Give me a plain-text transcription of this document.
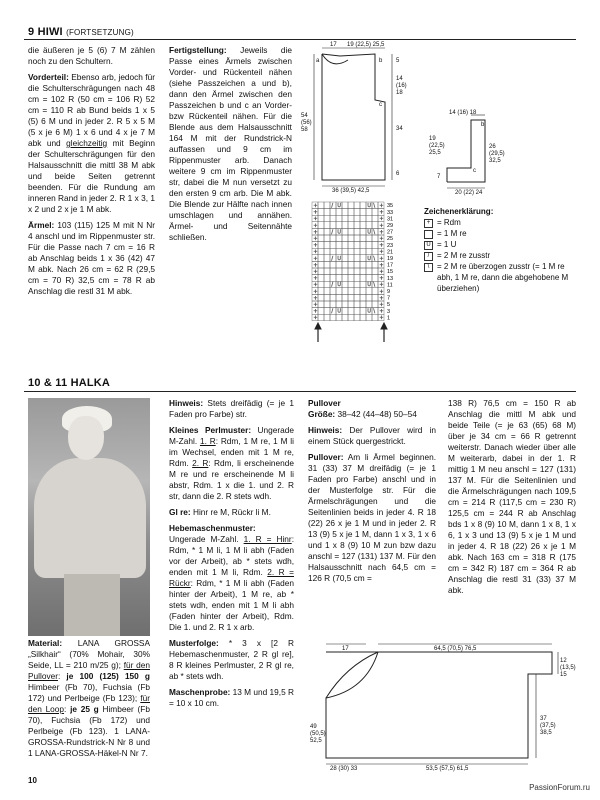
9 HIWI (FORTSETZUNG)

die äußeren je 5 (6) 7 M zählen noch zu den Schultern.

Vorderteil: Ebenso arb, jedoch für die Schulterschrägungen nach 48 cm = 102 R (50 cm = 106 R) 52 cm = 110 R ab Bund beids 1 x 5 (5) 6 M und in jeder 2. R 5 x 5 M (5 x je 6 M) 1 x 6 und 4 x je 7 M abk und gleichzeitig mit Beginn der Schulterschrägungen für den Halsausschnitt die mittl 38 M abk und beide Seiten getrennt beenden. Für die Rundung am inneren Rand in jeder 2. R 1 x 3, 1 x 2 und 2 x je 1 M abk.

Ärmel: 103 (115) 125 M mit N Nr 4 anschl und im Rippenmuster str. Für die Passe nach 7 cm = 16 R ab Anschlag beids 1 x 36 (42) 47 M abk. Nach 26 cm = 62 R (29,5 cm = 70 R) 32,5 cm = 78 R ab Anschlag die restl 31 M abk.

Fertigstellung: Jeweils die Passe eines Ärmels zwischen Vorder- und Rückenteil nähen (siehe Passzeichen a und b), dann den Ärmel zwischen den Passzeichen b und c an Vorder- bzw Rückenteil nähen. Für die Blende aus dem Halsausschnitt 164 M mit der Rundstrick-N auffassen und 9 cm im Rippenmuster arb. Danach weitere 9 cm im Rippenmuster str, dabei die M nun versetzt zu den ersten 9 cm arb. Die M abk. Die Blende zur Hälfte nach innen umschlagen und annähen. Ärmel- und Seitennähte schließen.

17 19 (22,5) 25,5
5
14 (16) 18
34
6
54 (56) 58
36 (39,5) 42,5
a	b
c
14 (16) 18
19 (22,5) 25,5
26 (29,5) 32,5
7
20 (22) 24
b
c
+	/ U	U \ +
+	+
+	+
+	+
+	/ U	U \ +
+	+
+	+
+	+
+	/ U	U \ +
+	+
+	+
+	+
+	/ U	U \ +
+	+
+	+
+	+
+	/ U	U \ +
+	+
35
33
31
29
27
25
23
21
19
17
15
13
11
9
7
5
3
1
Zeichenerklärung:
+ = Rdm
= 1 M re
U = 1 U
/ = 2 M re zusstr
\ = 2 M re überzogen zusstr (= 1 M re abh, 1 M re, dann die abgehobene M überziehen)
10 & 11 HALKA

Material: LANA GROSSA „Silkhair“ (70% Mohair, 30% Seide, LL = 210 m/25 g); für den Pullover: je 100 (125) 150 g Himbeer (Fb 70), Fuchsia (Fb 172) und Perlbeige (Fb 123); für den Loop: je 25 g Himbeer (Fb 70), Fuchsia (Fb 172) und Perlbeige (Fb 123). 1 LANA-GROSSA-Rundstrick-N Nr 8 und 1 LANA-GROSSA-Häkel-N Nr 7.

Hinweis: Stets dreifädig (= je 1 Faden pro Farbe) str.

Kleines Perlmuster: Ungerade M-Zahl. 1. R: Rdm, 1 M re, 1 M li im Wechsel, enden mit 1 M re, Rdm. 2. R: Rdm, li erscheinende M re und re erscheinende M li abstr, Rdm. 1 x die 1. und 2. R str, dann die 2. R stets wdh.

Gl re: Hinr re M, Rückr li M.

Hebemaschenmuster: Ungerade M-Zahl. 1. R = Hinr: Rdm, * 1 M li, 1 M li abh (Faden vor der Arbeit), ab * stets wdh, enden mit 1 M li, Rdm. 2. R = Rückr: Rdm, * 1 M li abh (Faden hinter der Arbeit), 1 M re, ab * stets wdh, enden mit 1 M li abh (Faden hinter der Arbeit), Rdm. Die 1. und 2. R 1 x arb.

Musterfolge: * 3 x [2 R Hebemaschenmuster, 2 R gl re], 8 R kleines Perlmuster, 2 R gl re, ab * stets wdh.

Maschenprobe: 13 M und 19,5 R = 10 x 10 cm.

Pullover

Größe: 38–42 (44–48) 50–54

Hinweis: Der Pullover wird in einem Stück quergestrickt.

Pullover: Am li Ärmel beginnen. 31 (33) 37 M dreifädig (= je 1 Faden pro Farbe) anschl und in der Musterfolge str. Für die Ärmelschrägungen und die Seitenlinien beids in jeder 4. R 18 (22) 26 x je 1 M und in jeder 2. R 13 (9) 5 x je 1 M, dann 1 x 3, 1 x 6 und 1 x 8 (9) 10 M zun bzw dazu anschl = 127 (131) 137 M. Für den Halsausschnitt nach 64,5 cm = 126 R (70,5 cm =

138 R) 76,5 cm = 150 R ab Anschlag die mittl M abk und beide Teile (= je 63 (65) 68 M) über je 34 cm = 66 R getrennt weiterstr. Danach wieder über alle M weiterarb, dabei in der 1. R mittig 1 M neu anschl = 127 (131) 137 M. Für die Seitenlinien und die Ärmelschrägungen nach 109,5 cm = 214 R (117,5 cm = 230 R) 125,5 cm = 244 R ab Anschlag bds 1 x 8 (9) 10 M, dann 1 x 8, 1 x 6, 1 x 3 und 13 (9) 5 x je 1 M und in jeder 4. R 18 (22) 26 x je 1 M abk. Nach 163 cm = 318 R (175 cm = 342 R) 187 cm = 364 R ab Anschlag die restl 31 (33) 37 M abk.

17	64,5 (70,5) 76,5
12 (13,5) 15
37 (37,5) 38,5
49 (50,5) 52,5
28 (30) 33	53,5 (57,5) 61,5
10
PassionForum.ru
